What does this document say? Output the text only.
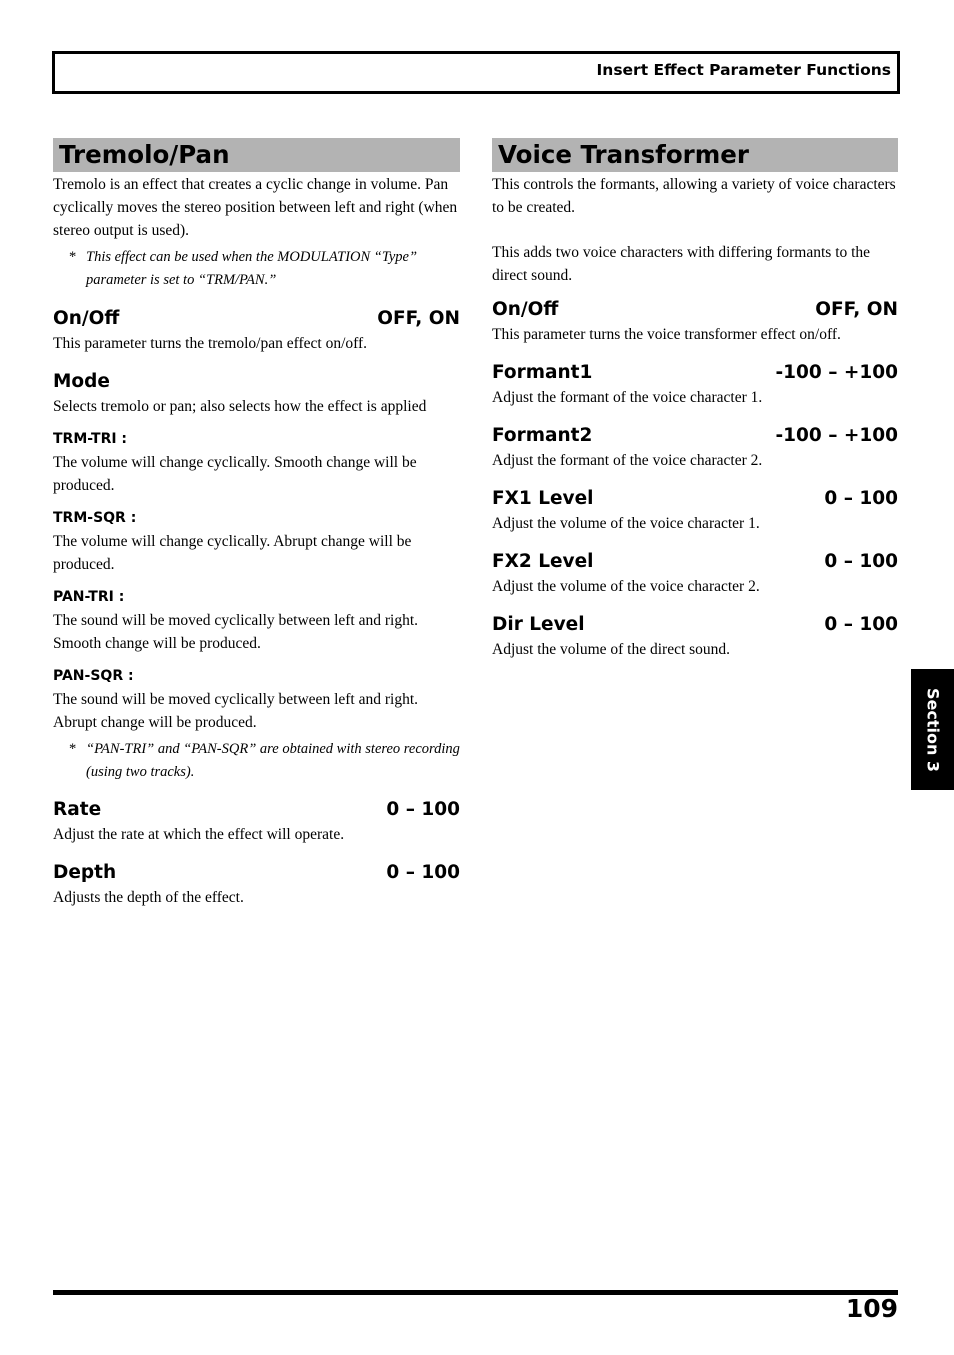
Insert Effect Parameter Functions
Tremolo/Pan

Tremolo is an effect that creates a cyclic change in volume. Pan cyclically moves the stereo position between left and right (when stereo output is used).

* This effect can be used when the MODULATION “Type” parameter is set to “TRM/PAN.”
On/Off	OFF, ON

This parameter turns the tremolo/pan effect on/off.

Mode

Selects tremolo or pan; also selects how the effect is applied

TRM-TRI :

The volume will change cyclically. Smooth change will be produced.

TRM-SQR :

The volume will change cyclically. Abrupt change will be produced.

PAN-TRI :

The sound will be moved cyclically between left and right. Smooth change will be produced.

PAN-SQR :

The sound will be moved cyclically between left and right. Abrupt change will be produced.

* “PAN-TRI” and “PAN-SQR” are obtained with stereo recording (using two tracks).
Rate	0 – 100

Adjust the rate at which the effect will operate.

Depth	0 – 100

Adjusts the depth of the effect.

Voice Transformer

This controls the formants, allowing a variety of voice characters to be created.

This adds two voice characters with differing formants to the direct sound.

On/Off	OFF, ON

This parameter turns the voice transformer effect on/off.

Formant1	-100 – +100

Adjust the formant of the voice character 1.

Formant2	-100 – +100

Adjust the formant of the voice character 2.

FX1 Level	0 – 100

Adjust the volume of the voice character 1.

FX2 Level	0 – 100

Adjust the volume of the voice character 2.

Dir Level	0 – 100

Adjust the volume of the direct sound.

Section 3
109
